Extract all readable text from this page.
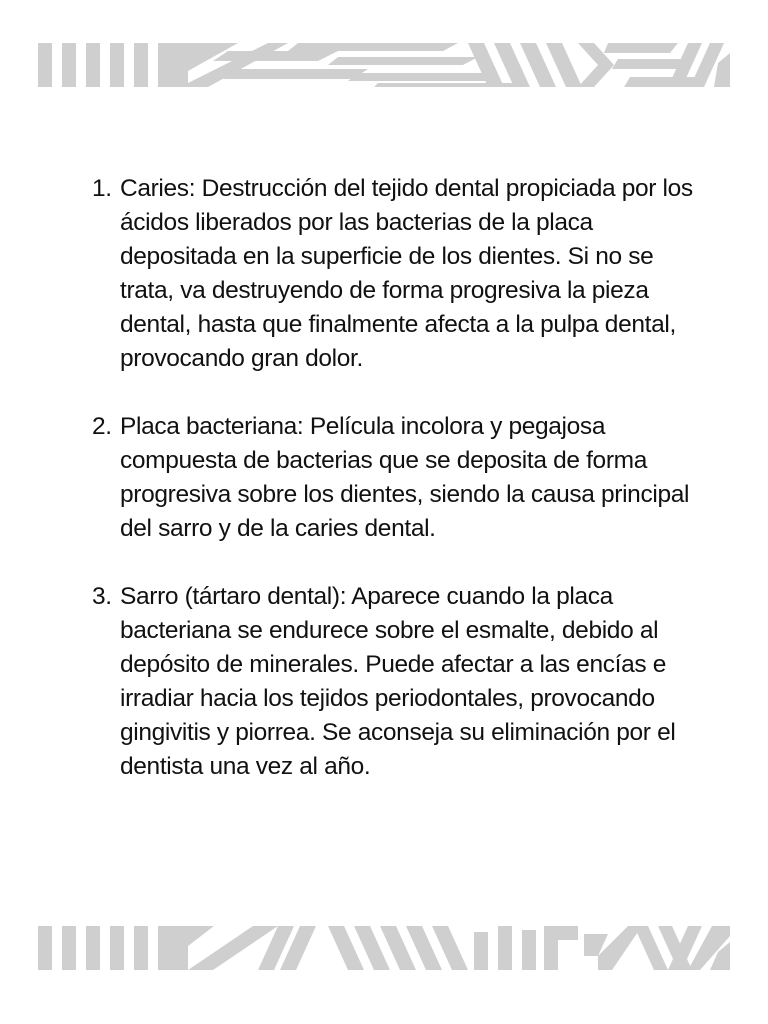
1. Caries: Destrucción del tejido dental propiciada por los ácidos liberados por las bacterias de la placa depositada en la superficie de los dientes. Si no se trata, va destruyendo de forma progresiva la pieza dental, hasta que finalmente afecta a la pulpa dental, provocando gran dolor.
2. Placa bacteriana: Película incolora y pegajosa compuesta de bacterias que se deposita de forma progresiva sobre los dientes, siendo la causa principal del sarro y de la caries dental.
3. Sarro (tártaro dental): Aparece cuando la placa bacteriana se endurece sobre el esmalte, debido al depósito de minerales. Puede afectar a las encías e irradiar hacia los tejidos periodontales, provocando gingivitis y piorrea. Se aconseja su eliminación por el dentista una vez al año.
